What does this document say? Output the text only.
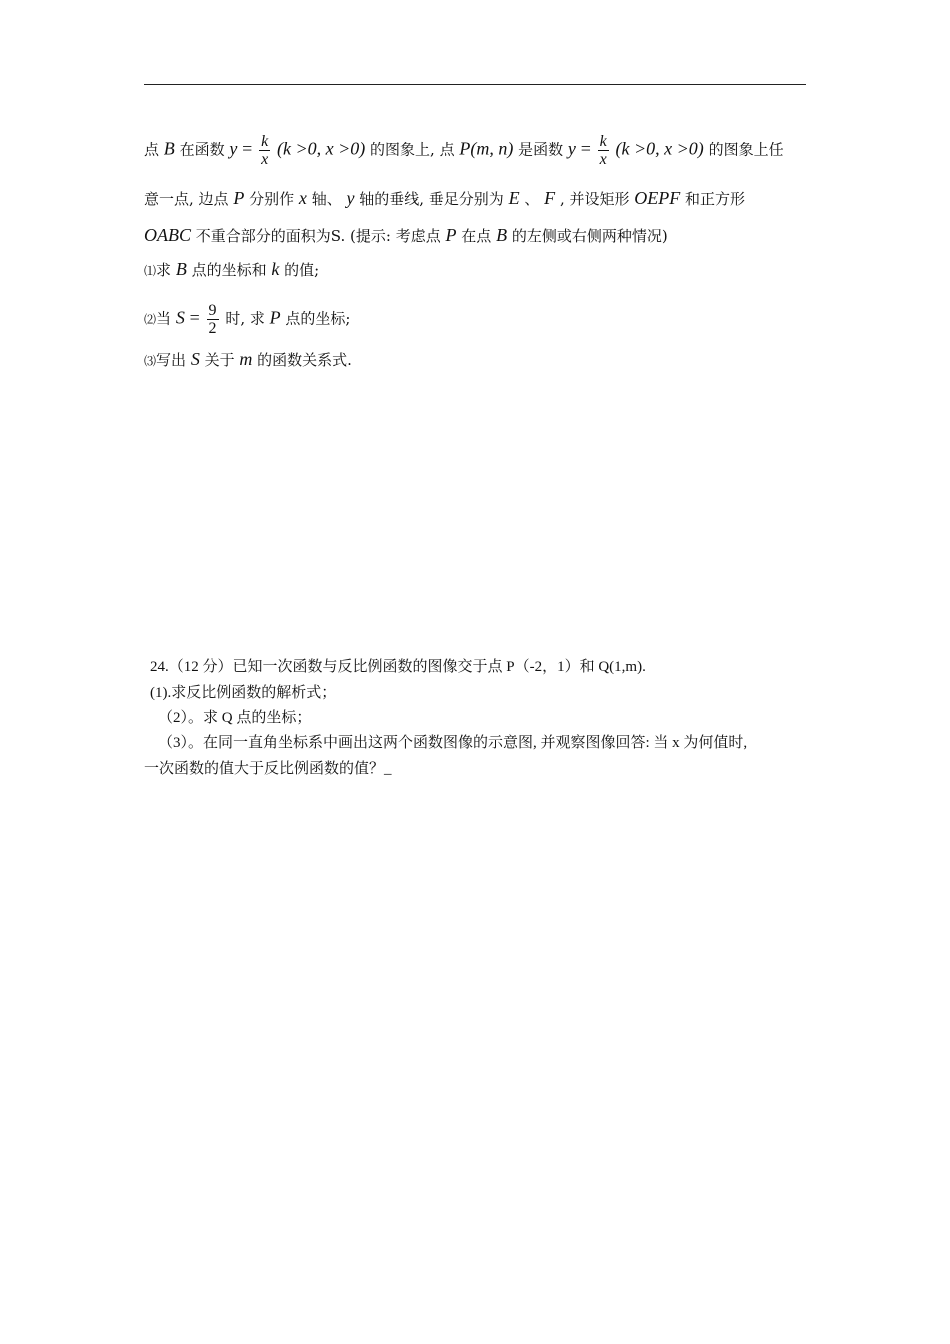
点 B 在函数 $y = \frac{k}{x} (k >0$, x >0) 的图象上, 点 P(m, n) 是函数 $y = \frac{k}{x} (k >0$, x >0) 的图象上任
意一点, 边点 P 分别作 x 轴、 y 轴的垂线, 垂足分别为 E 、 F , 并设矩形 OEPF 和正方形
OABC 不重合部分的面积为S. (提示: 考虑点 P 在点 B 的左侧或右侧两种情况)
⑴求 B 点的坐标和 k 的值;
⑵当 $S = \frac{9}{2}$ 时, 求 P 点的坐标;
⑶写出 S 关于 m 的函数关系式.
24.（12 分）已知一次函数与反比例函数的图像交于点 P（-2，1）和 Q(1,m).
(1).求反比例函数的解析式；
（2）。求 Q 点的坐标；
（3）。在同一直角坐标系中画出这两个函数图像的示意图, 并观察图像回答: 当 x 为何值时,
一次函数的值大于反比例函数的值？_
